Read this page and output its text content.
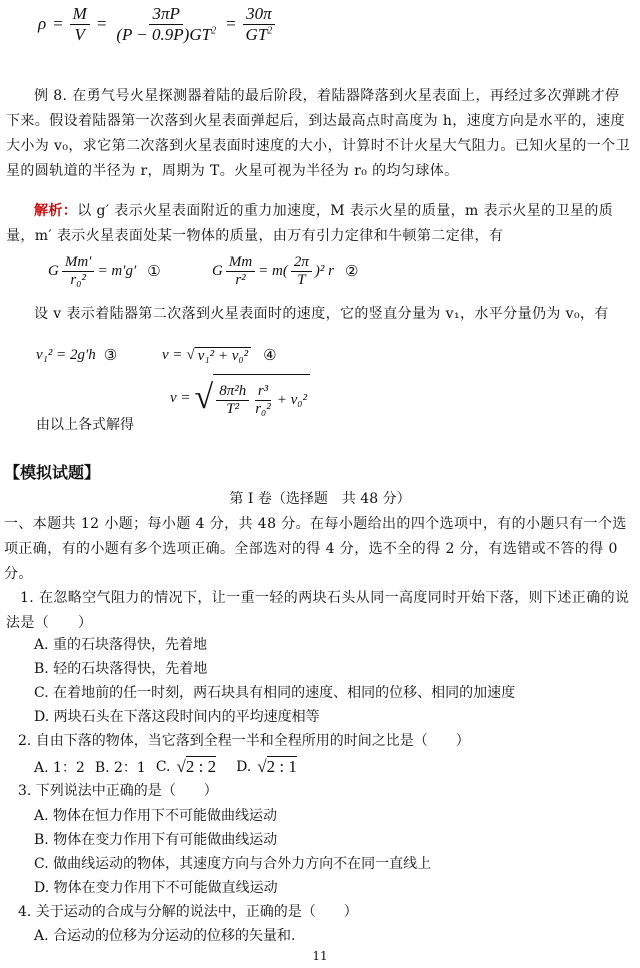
$\rho = \frac{M}{V} = \frac{3\pi P}{(P - 0.9P)GT^2} = \frac{30\pi}{GT^2}$
例 8. 在勇气号火星探测器着陆的最后阶段，着陆器降落到火星表面上，再经过多次弹跳才停下来。假设着陆器第一次落到火星表面弹起后，到达最高点时高度为 h，速度方向是水平的，速度大小为 v₀，求它第二次落到火星表面时速度的大小，计算时不计火星大气阻力。已知火星的一个卫星的圆轨道的半径为 r，周期为 T。火星可视为半径为 r₀ 的均匀球体。
解析：以 g′ 表示火星表面附近的重力加速度，M 表示火星的质量，m 表示火星的卫星的质量，m′ 表示火星表面处某一物体的质量，由万有引力定律和牛顿第二定律，有
G $\frac{Mm'}{\text{r₀²}} = m'g'$ ①	G $\frac{Mm}{\text{r²}} = m( \frac{2\pi}{T} )^2$ r ②
设 v 表示着陆器第二次落到火星表面时的速度，它的竖直分量为 v₁，水平分量仍为 v₀，有
v₁² = 2g′h ③	v = √ v₁² + v₀² ④
v = √ $\frac{\text{8π²h}}{\text{T²}} \frac{\text{r³}}{\text{r₀²}} + v_0^2$
由以上各式解得
【模拟试题】
第 I 卷（选择题　共 48 分）
一、本题共 12 小题；每小题 4 分，共 48 分。在每小题给出的四个选项中，有的小题只有一个选项正确，有的小题有多个选项正确。全部选对的得 4 分，选不全的得 2 分，有选错或不答的得 0 分。
1. 在忽略空气阻力的情况下，让一重一轻的两块石头从同一高度同时开始下落，则下述正确的说法是（　　）
A. 重的石块落得快，先着地
B. 轻的石块落得快，先着地
C. 在着地前的任一时刻，两石块具有相同的速度、相同的位移、相同的加速度
D. 两块石头在下落这段时间内的平均速度相等
2. 自由下落的物体，当它落到全程一半和全程所用的时间之比是（　　）
A. 1：2 B. 2：1 C. √2 : 2 D. √2 : 1
3. 下列说法中正确的是（　　）
A. 物体在恒力作用下不可能做曲线运动
B. 物体在变力作用下有可能做曲线运动
C. 做曲线运动的物体，其速度方向与合外力方向不在同一直线上
D. 物体在变力作用下不可能做直线运动
4. 关于运动的合成与分解的说法中，正确的是（　　）
A. 合运动的位移为分运动的位移的矢量和.
11
